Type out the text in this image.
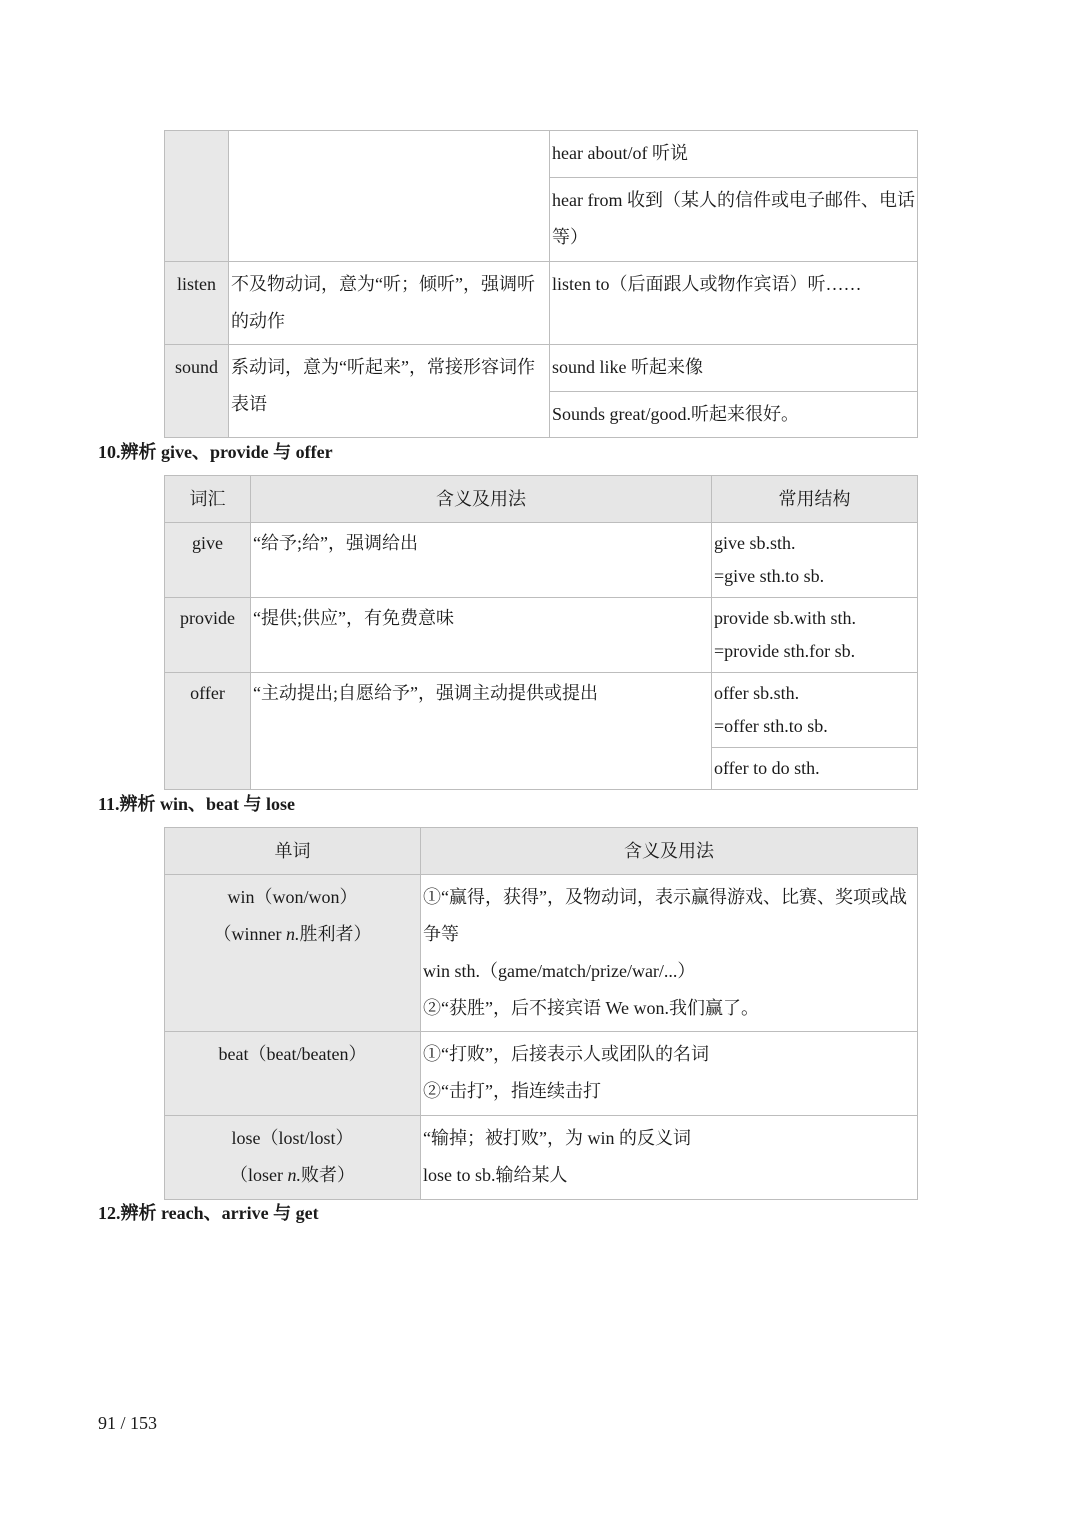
		hear about/of 听说
		hear from 收到（某人的信件或电子邮件、电话等）
listen	不及物动词，意为“听；倾听”，强调听的动作	listen to（后面跟人或物作宾语）听……
sound	系动词，意为“听起来”，常接形容词作表语	sound like 听起来像
		Sounds great/good.听起来很好。
10.辨析 give、provide 与 offer
词汇	含义及用法	常用结构
give	“给予;给”，强调给出	give sb.sth.
=give sth.to sb.

provide	“提供;供应”，有免费意味	provide sb.with sth.
=provide sth.for sb.

offer	“主动提出;自愿给予”，强调主动提供或提出	offer sb.sth.
=offer sth.to sb.

		offer to do sth.
11.辨析 win、beat 与 lose
单词	含义及用法

win（won/won）
（winner n.胜利者）	①“赢得，获得”，及物动词，表示赢得游戏、比赛、奖项或战争等
win sth.（game/match/prize/war/...）
②“获胜”，后不接宾语 We won.我们赢了。

beat（beat/beaten）	①“打败”，后接表示人或团队的名词
②“击打”，指连续击打

lose（lost/lost）
（loser n.败者）	“输掉；被打败”，为 win 的反义词
lose to sb.输给某人
12.辨析 reach、arrive 与 get
91 / 153
